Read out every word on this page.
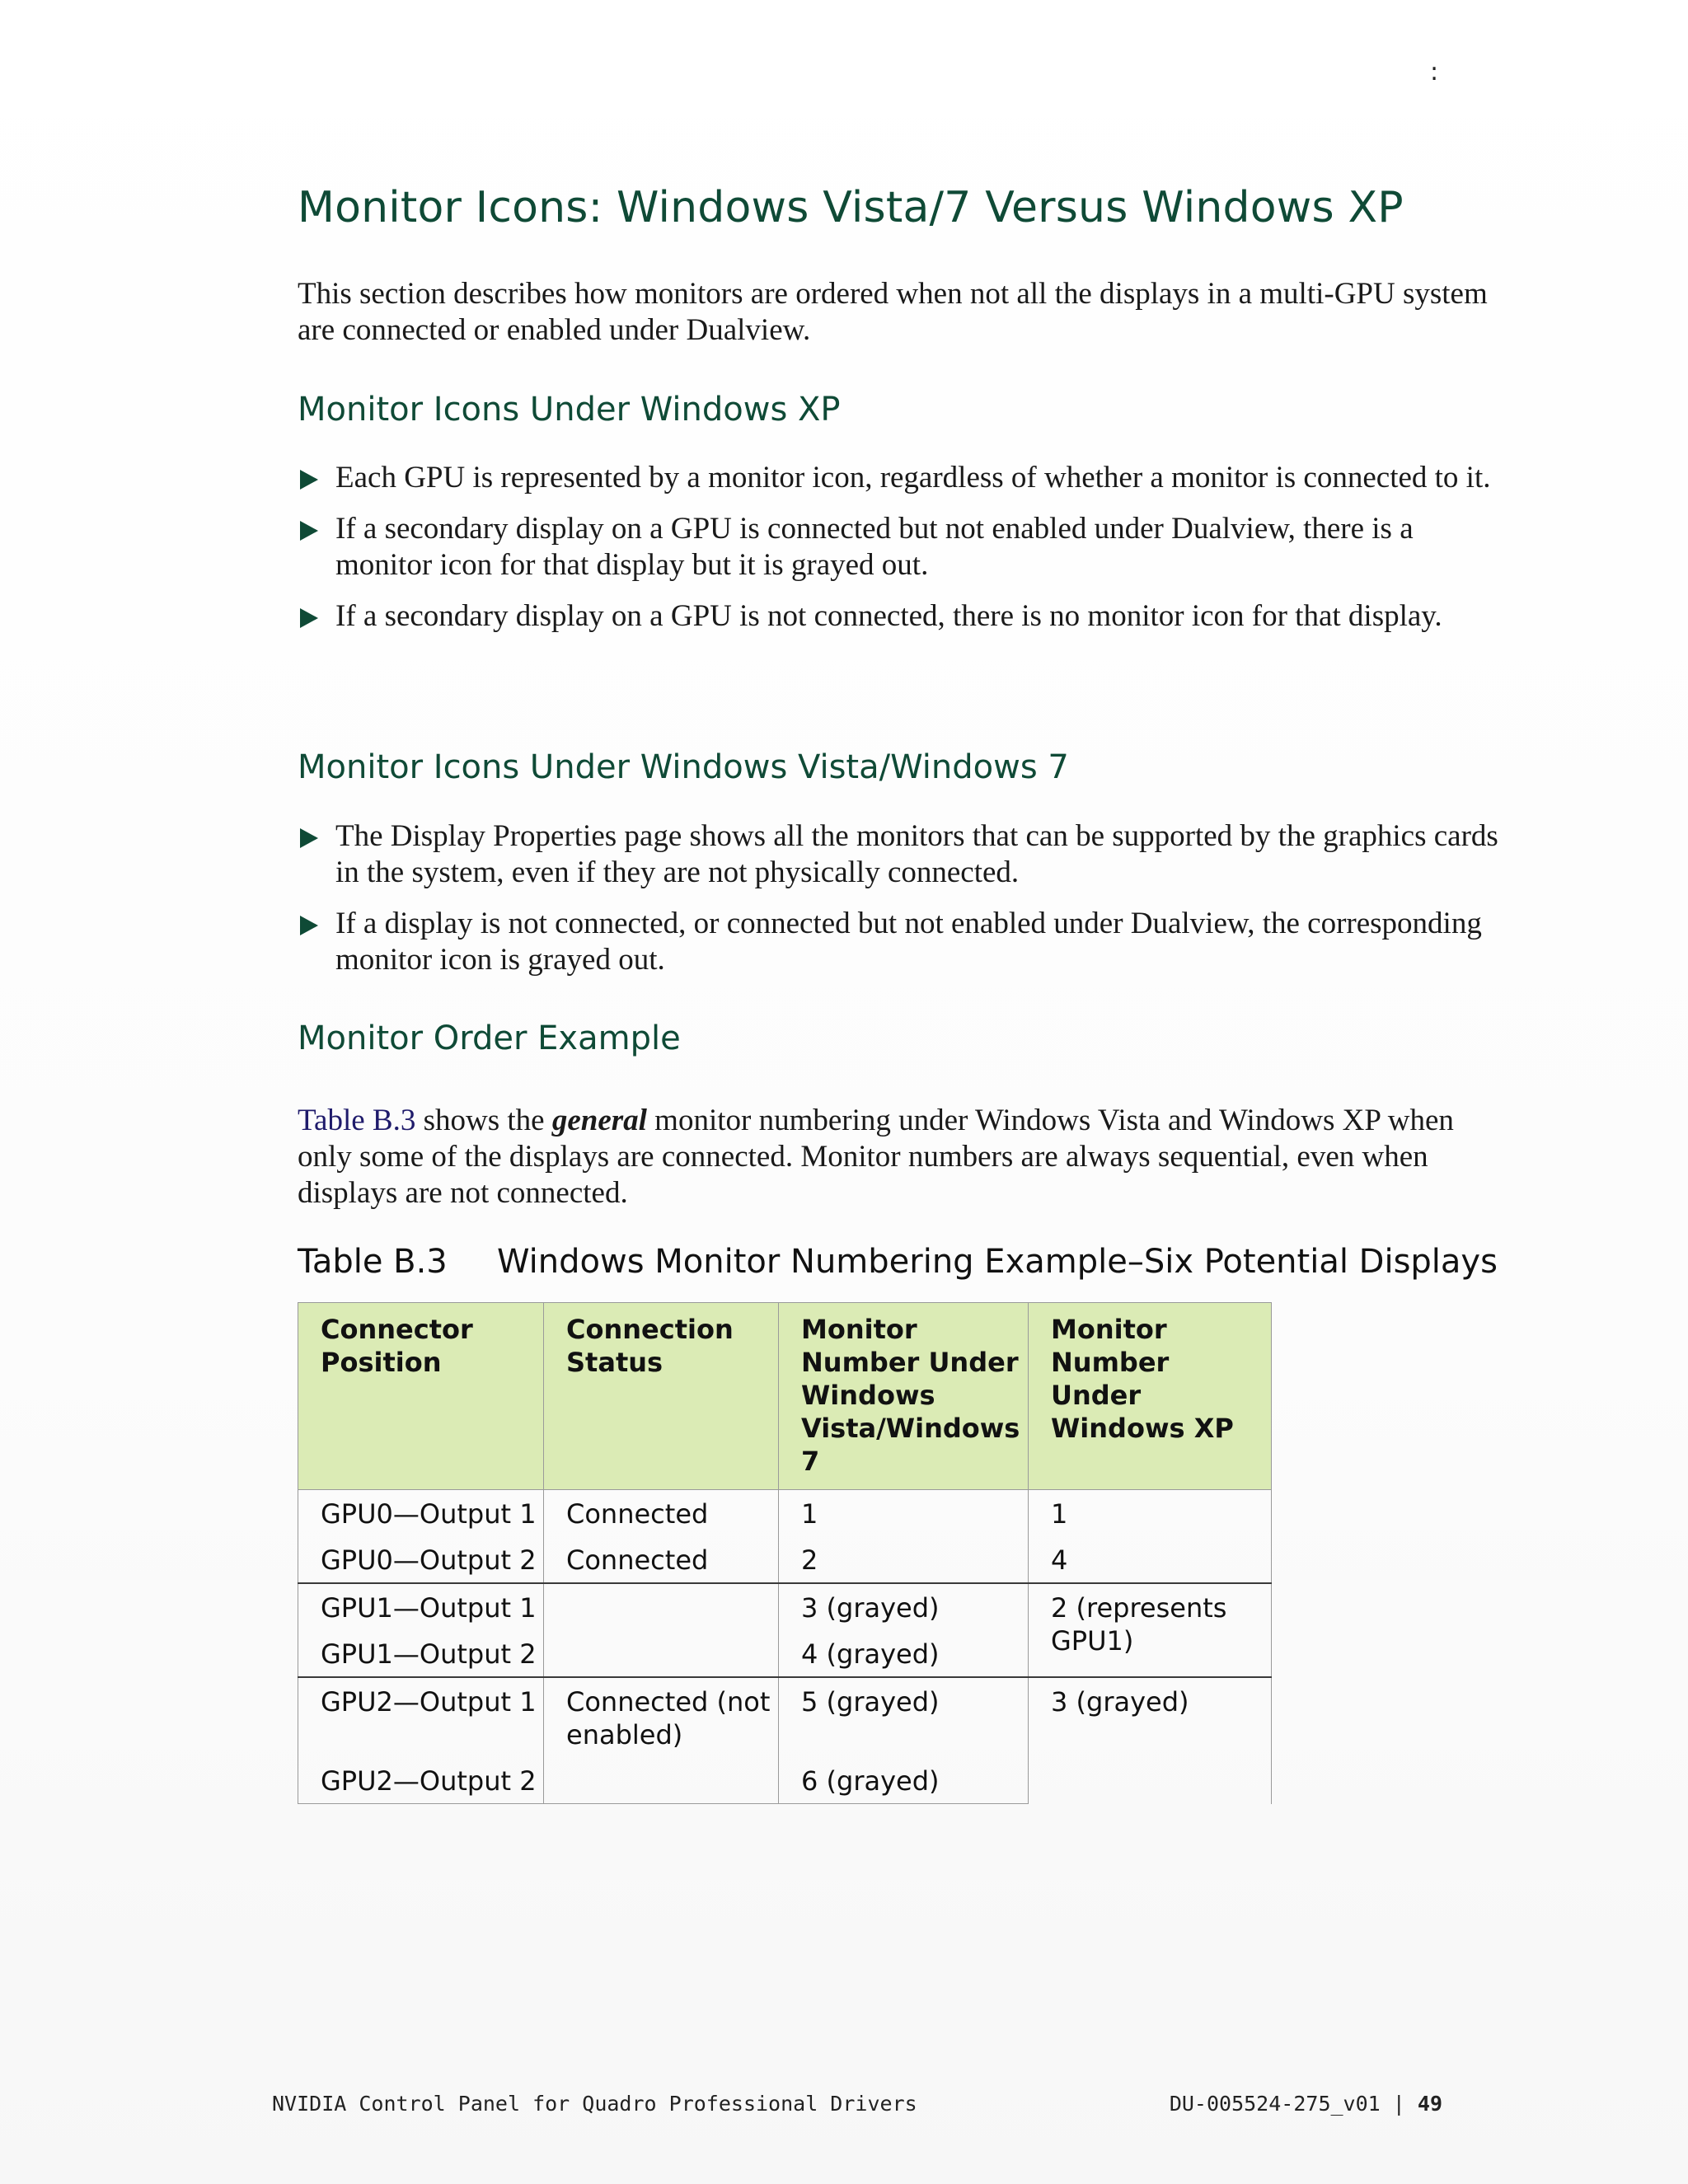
:
Monitor Icons: Windows Vista/7 Versus Windows XP
This section describes how monitors are ordered when not all the displays in a multi-GPU system are connected or enabled under Dualview.
Monitor Icons Under Windows XP
Each GPU is represented by a monitor icon, regardless of whether a monitor is connected to it.
If a secondary display on a GPU is connected but not enabled under Dualview, there is a monitor icon for that display but it is grayed out.
If a secondary display on a GPU is not connected, there is no monitor icon for that display.
Monitor Icons Under Windows Vista/Windows 7
The Display Properties page shows all the monitors that can be supported by the graphics cards in the system, even if they are not physically connected.
If a display is not connected, or connected but not enabled under Dualview, the corresponding monitor icon is grayed out.
Monitor Order Example
Table B.3 shows the general monitor numbering under Windows Vista and Windows XP when only some of the displays are connected. Monitor numbers are always sequential, even when displays are not connected.
Table B.3 Windows Monitor Numbering Example–Six Potential Displays
Connector Position	Connection Status	Monitor Number Under Windows Vista/Windows 7	Monitor Number Under Windows XP
GPU0—Output 1	Connected	1	1
GPU0—Output 2	Connected	2	4
GPU1—Output 1		3 (grayed)	2 (represents GPU1)
GPU1—Output 2		4 (grayed)	
GPU2—Output 1	Connected (not enabled)	5 (grayed)	3 (grayed)
GPU2—Output 2		6 (grayed)	
NVIDIA Control Panel for Quadro Professional Drivers	DU-005524-275_v01 | 49
